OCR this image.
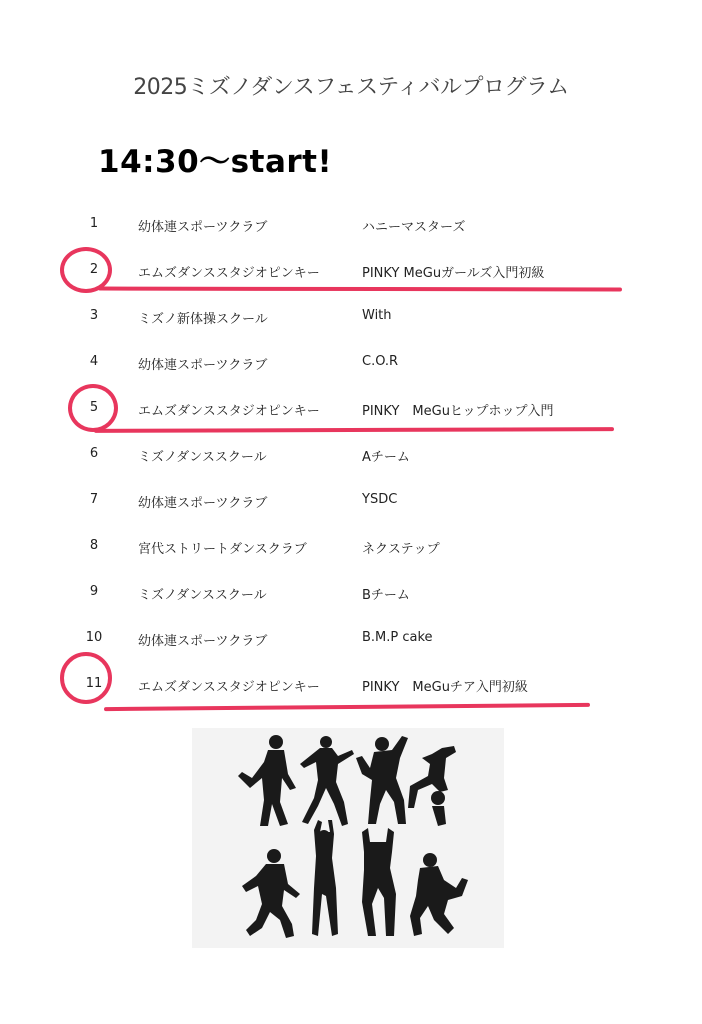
2025ミズノダンスフェスティバルプログラム
14:30～start!
1	幼体連スポーツクラブ	ハニーマスターズ
2	エムズダンススタジオピンキー	PINKY MeGuガールズ入門初級
3	ミズノ新体操スクール	With
4	幼体連スポーツクラブ	C.O.R
5	エムズダンススタジオピンキー	PINKY　MeGuヒップホップ入門
6	ミズノダンススクール	Aチーム
7	幼体連スポーツクラブ	YSDC
8	宮代ストリートダンスクラブ	ネクステップ
9	ミズノダンススクール	Bチーム
10	幼体連スポーツクラブ	B.M.P cake
11	エムズダンススタジオピンキー	PINKY　MeGuチア入門初級
